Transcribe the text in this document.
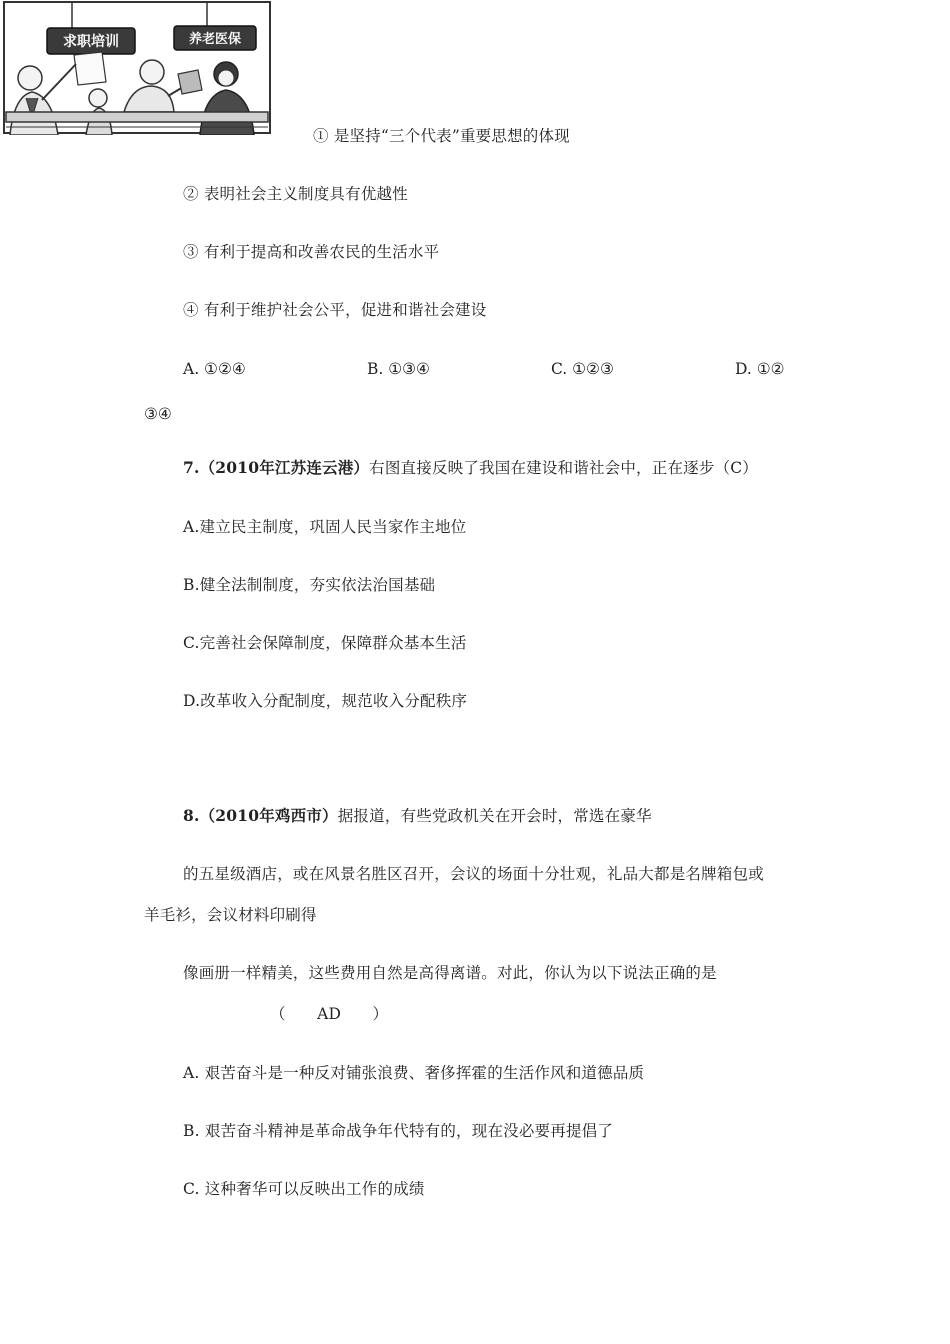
求职培训	养老医保
① 是坚持“三个代表”重要思想的体现
② 表明社会主义制度具有优越性
③ 有利于提高和改善农民的生活水平
④ 有利于维护社会公平，促进和谐社会建设
A. ①②④	B. ①③④	C. ①②③	D. ①②
③④
7.（2010年江苏连云港）右图直接反映了我国在建设和谐社会中，正在逐步（C）
A.建立民主制度，巩固人民当家作主地位
B.健全法制制度，夯实依法治国基础
C.完善社会保障制度，保障群众基本生活
D.改革收入分配制度，规范收入分配秩序
8.（2010年鸡西市）据报道，有些党政机关在开会时，常选在豪华
的五星级酒店，或在风景名胜区召开，会议的场面十分壮观，礼品大都是名牌箱包或
羊毛衫，会议材料印刷得
像画册一样精美，这些费用自然是高得离谱。对此，你认为以下说法正确的是
（　　AD　　）
A. 艰苦奋斗是一种反对铺张浪费、奢侈挥霍的生活作风和道德品质
B. 艰苦奋斗精神是革命战争年代特有的，现在没必要再提倡了
C. 这种奢华可以反映出工作的成绩
